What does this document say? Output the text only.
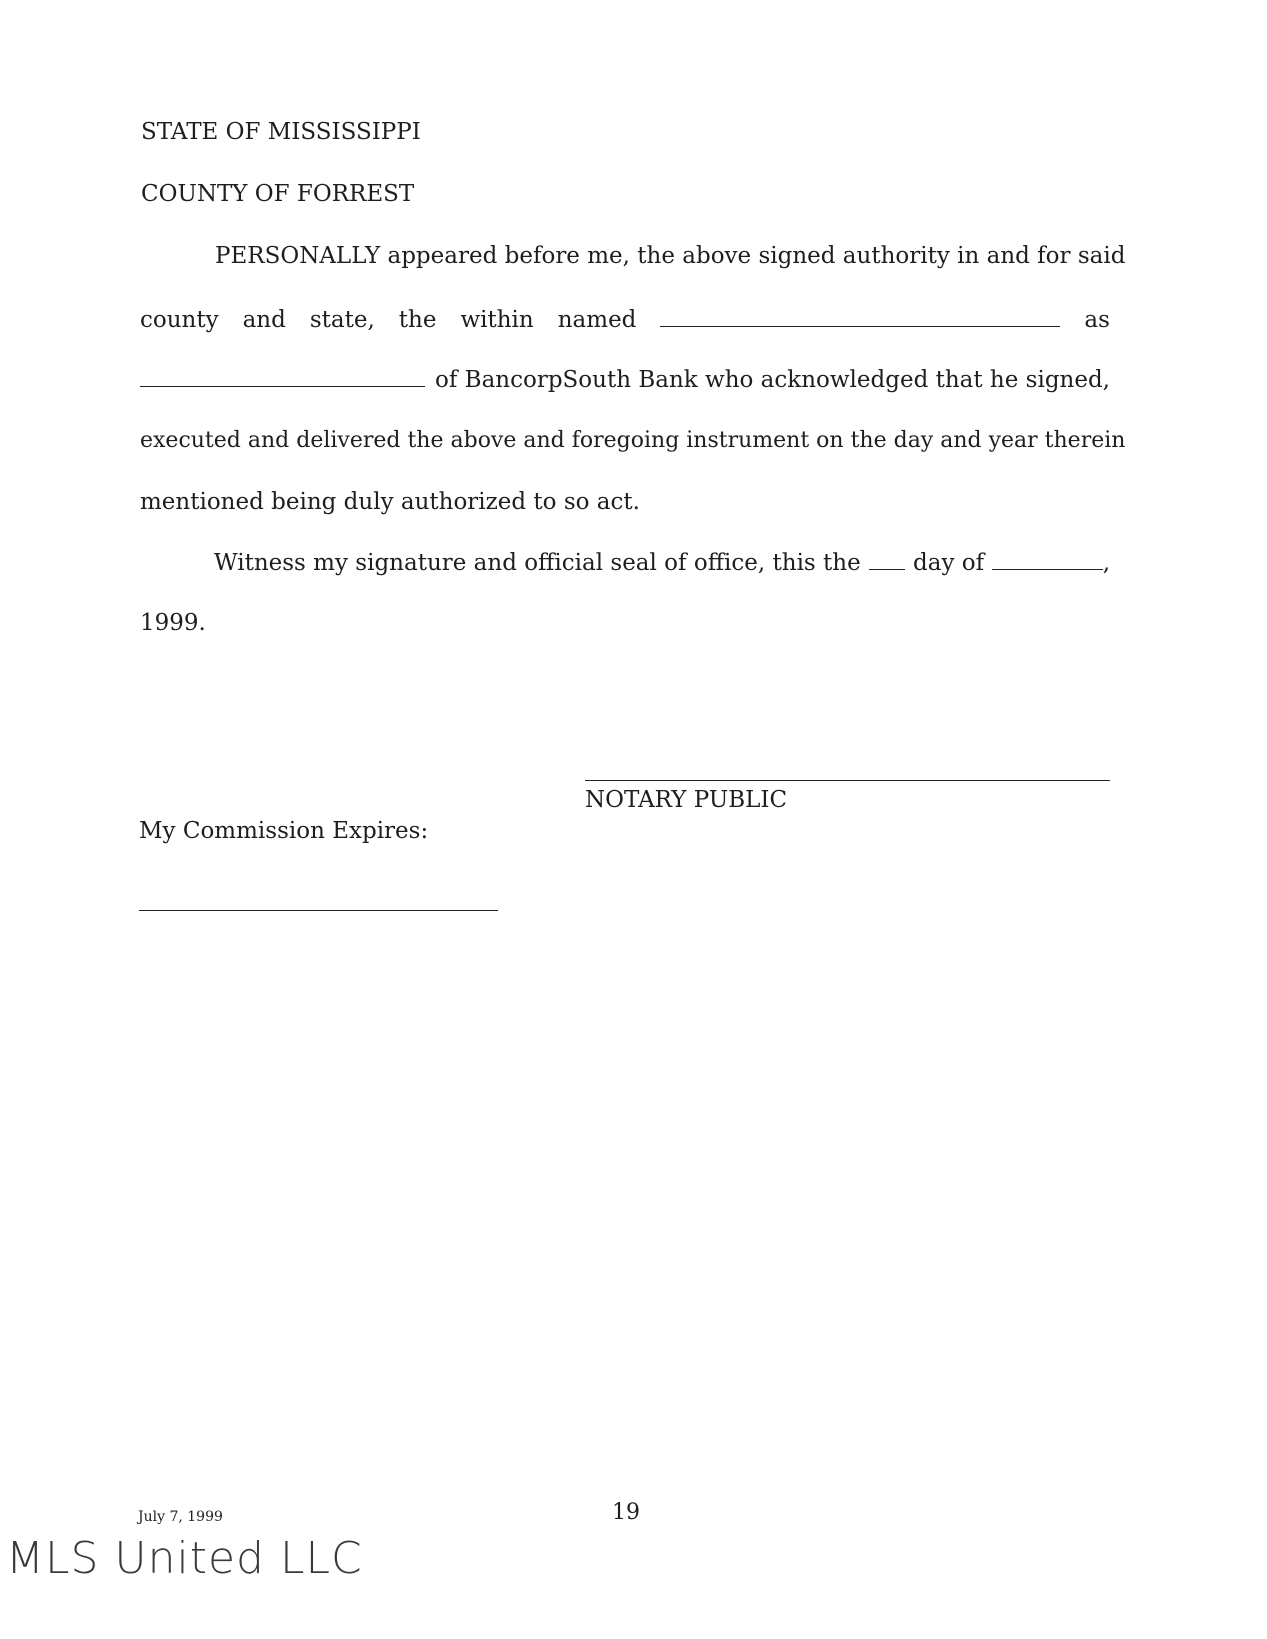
STATE OF MISSISSIPPI
COUNTY OF FORREST
PERSONALLY appeared before me, the above signed authority in and for said
county and state, the within named	as
of BancorpSouth Bank who acknowledged that he signed,
executed and delivered the above and foregoing instrument on the day and year therein
mentioned being duly authorized to so act.
Witness my signature and official seal of office, this the day of	,
1999.
NOTARY PUBLIC
My Commission Expires:
July 7, 1999	19
MLS United LLC
